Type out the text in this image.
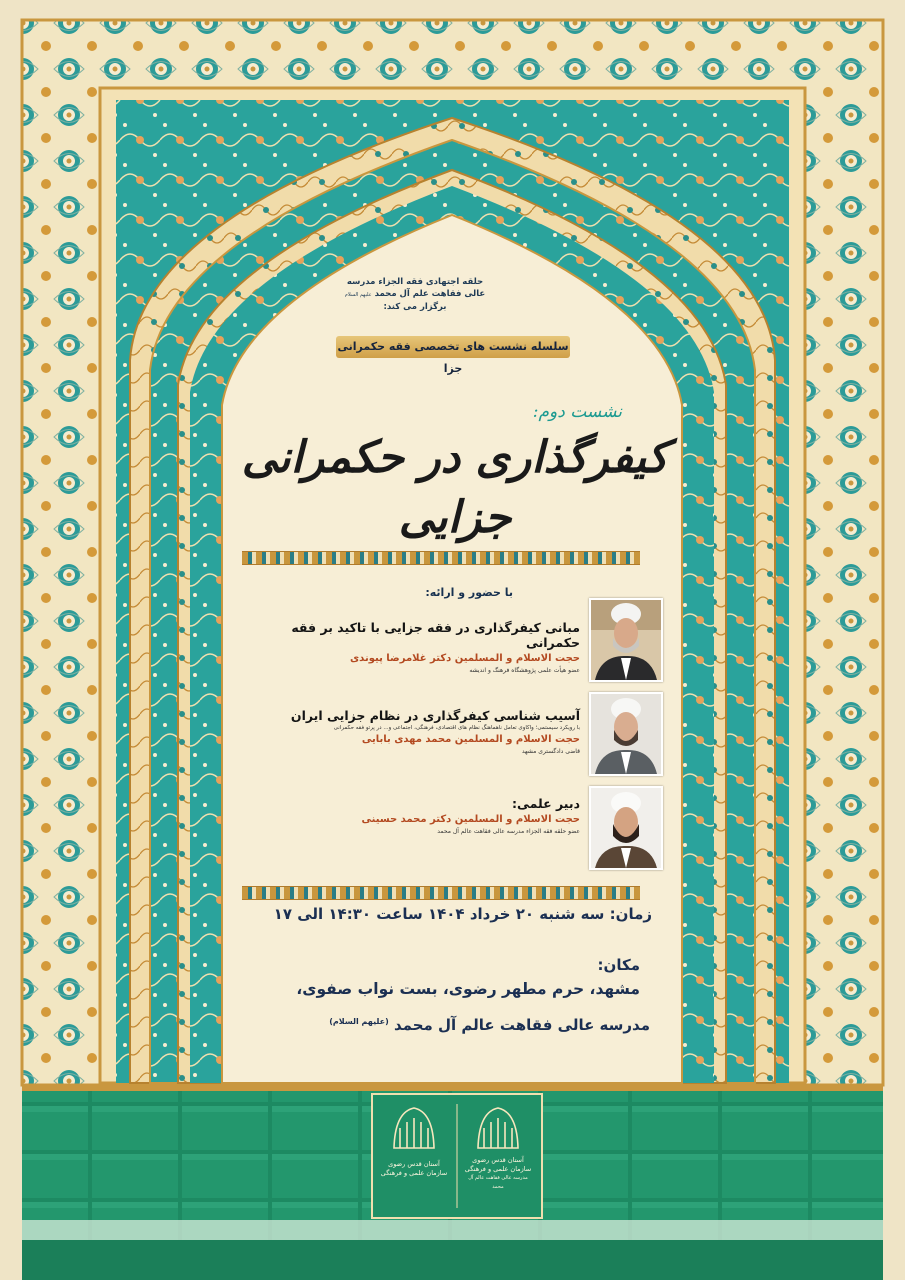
حلقه اجتهادی فقه الجزاء مدرسه
عالی فقاهت علم آل محمد علیهم السلام
برگزار می کند:
سلسله نشست های تخصصی فقه حکمرانی جزا
نشست دوم:
کیفرگذاری در حکمرانی جزایی
با حضور و ارائه:
مبانی کیفرگذاری در فقه جزایی با تاکید بر فقه حکمرانی
حجت الاسلام و المسلمین دکتر غلامرضا پیوندی
عضو هیأت علمی پژوهشگاه فرهنگ و اندیشه
آسیب شناسی کیفرگذاری در نظام جزایی ایران
با رویکرد سیستمی؛ واکاوی تعامل ناهماهنگ نظام های اقتصادی، فرهنگی، اجتماعی و... در پرتو فقه حکمرانی
حجت الاسلام و المسلمین محمد مهدی بابایی
قاضی دادگستری مشهد
دبیر علمی:
حجت الاسلام و المسلمین دکتر محمد حسینی
عضو حلقه فقه الجزاء مدرسه عالی فقاهت عالم آل محمد
زمان: سه شنبه ۲۰ خرداد ۱۴۰۴ ساعت ۱۴:۳۰ الی ۱۷
مکان:
مشهد، حرم مطهر رضوی، بست نواب صفوی،
مدرسه عالی فقاهت عالم آل محمد $^{(علیهم السلام)}$
آستان قدس رضوی
سازمان علمی و فرهنگی
آستان قدس رضوی
سازمان علمی و فرهنگی
مدرسه عالی فقاهت عالم آل محمد
